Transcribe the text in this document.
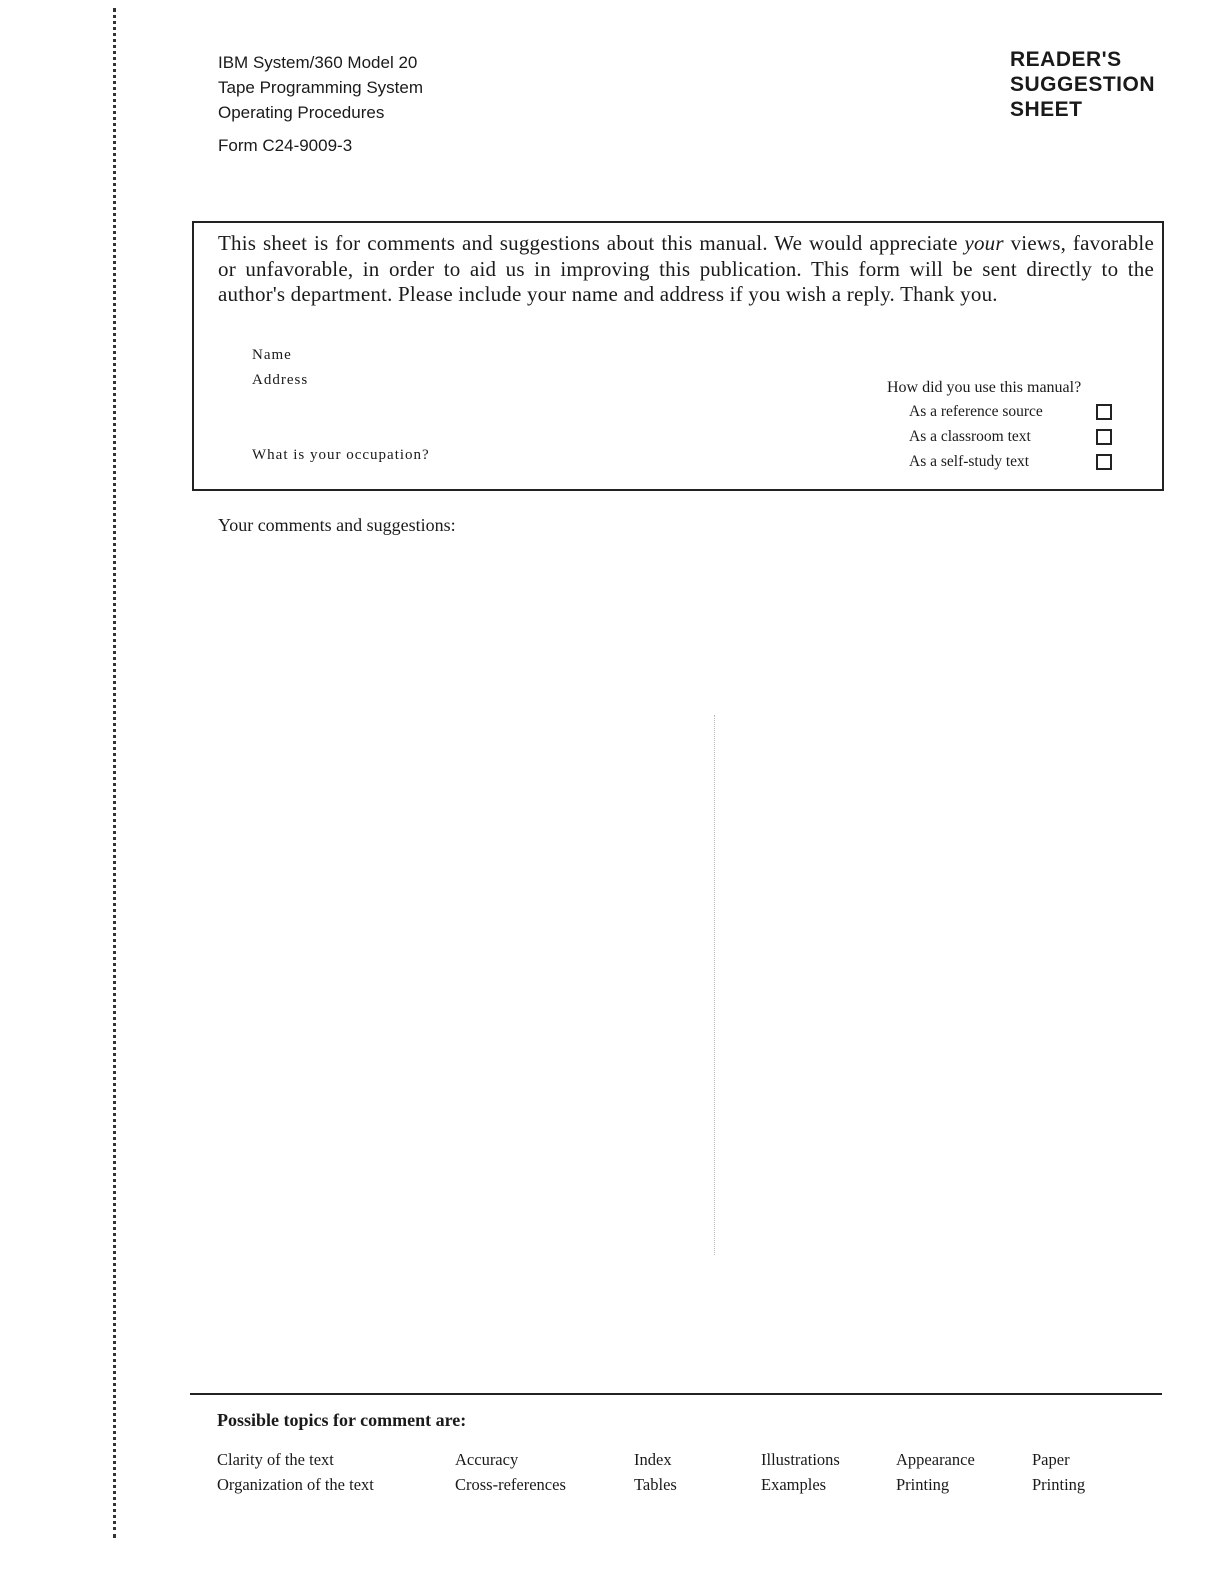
IBM System/360 Model 20
Tape Programming System
Operating Procedures
Form C24-9009-3
READER'S
SUGGESTION
SHEET
This sheet is for comments and suggestions about this manual. We would appreciate your views, favorable or unfavorable, in order to aid us in improving this publication. This form will be sent directly to the author's department. Please include your name and address if you wish a reply. Thank you.
Name
Address
What is your occupation?
How did you use this manual?
As a reference source
As a classroom text
As a self-study text
Your comments and suggestions:
Possible topics for comment are:
Clarity of the text
Organization of the text
Accuracy
Cross-references
Index
Tables
Illustrations
Examples
Appearance
Printing
Paper
Printing
